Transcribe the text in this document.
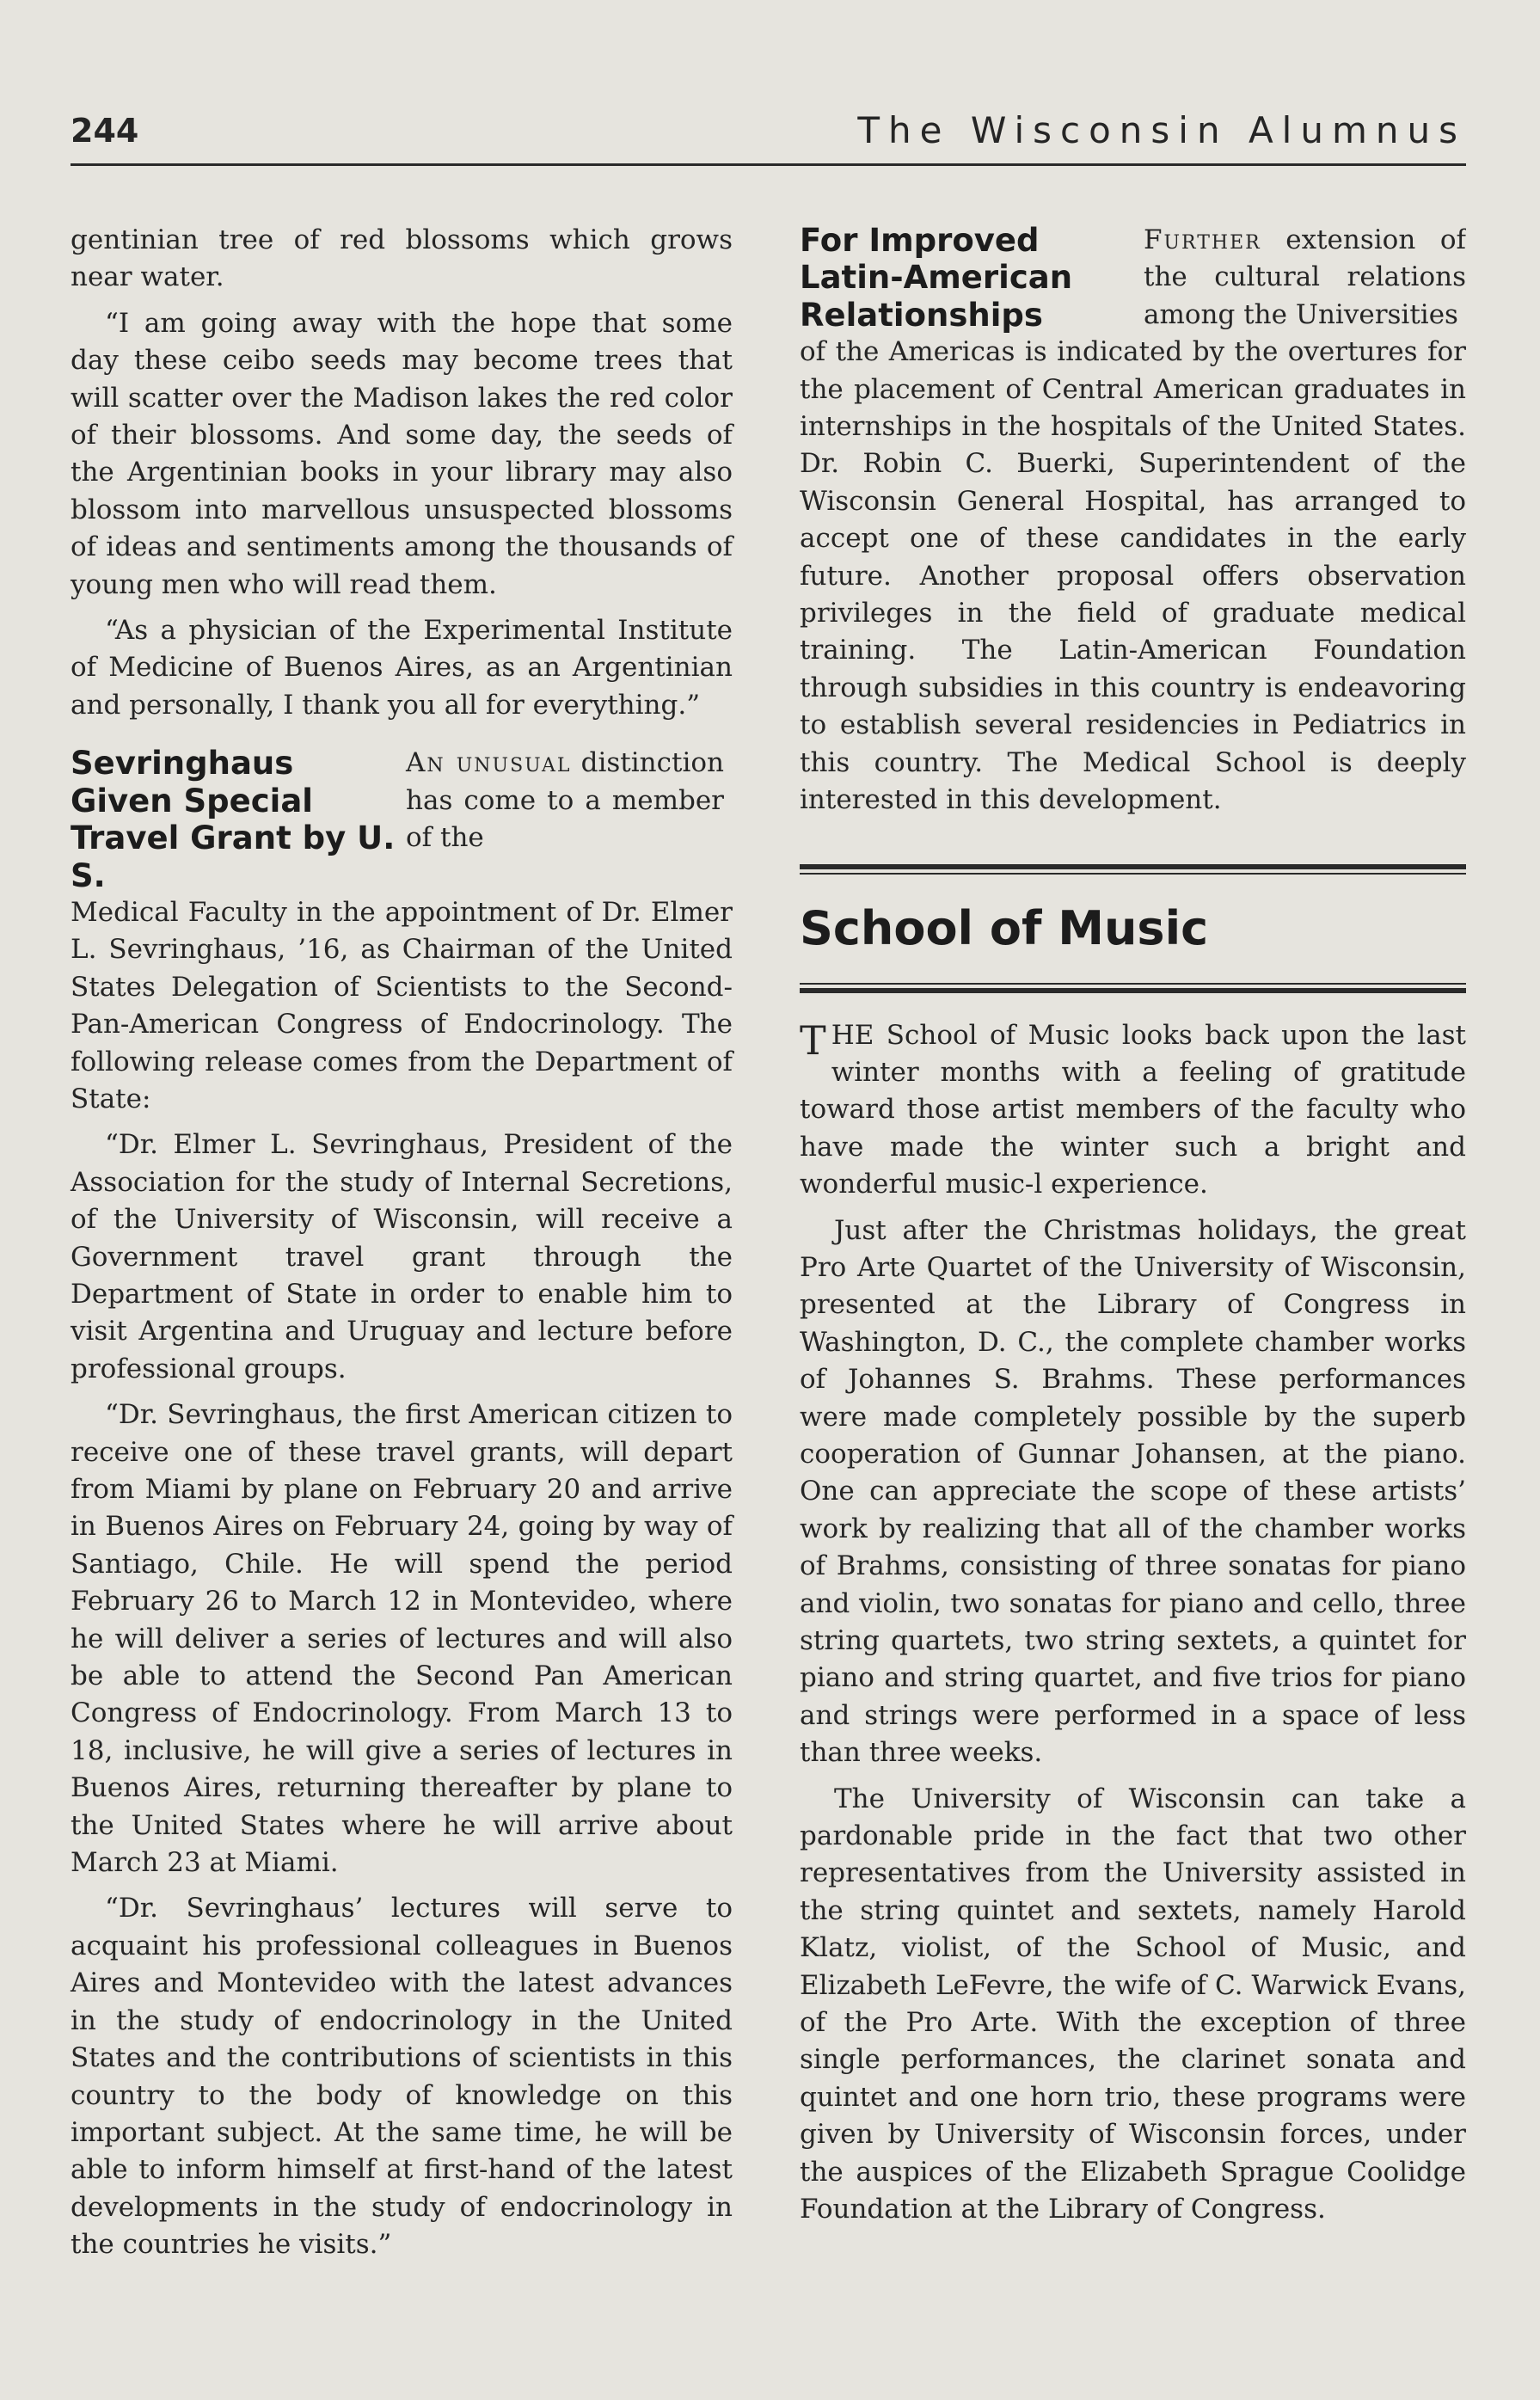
244	The Wisconsin Alumnus

gentinian tree of red blossoms which grows near water.

“I am going away with the hope that some day these ceibo seeds may become trees that will scatter over the Madison lakes the red color of their blossoms. And some day, the seeds of the Argentinian books in your library may also blossom into marvellous unsuspected blossoms of ideas and sentiments among the thousands of young men who will read them.

“As a physician of the Experimental Institute of Medicine of Buenos Aires, as an Argentinian and personally, I thank you all for everything.”

Sevringhaus Given Special Travel Grant by U. S.

An unusual distinction has come to a member of the

Medical Faculty in the appointment of Dr. Elmer L. Sevringhaus, ’16, as Chairman of the United States Delegation of Scientists to the Second-Pan-American Congress of Endocrinology. The following release comes from the Department of State:

“Dr. Elmer L. Sevringhaus, President of the Association for the study of Internal Secretions, of the University of Wisconsin, will receive a Government travel grant through the Department of State in order to enable him to visit Argentina and Uruguay and lecture before professional groups.

“Dr. Sevringhaus, the first American citizen to receive one of these travel grants, will depart from Miami by plane on February 20 and arrive in Buenos Aires on February 24, going by way of Santiago, Chile. He will spend the period February 26 to March 12 in Montevideo, where he will deliver a series of lectures and will also be able to attend the Second Pan American Congress of Endocrinology. From March 13 to 18, inclusive, he will give a series of lectures in Buenos Aires, returning thereafter by plane to the United States where he will arrive about March 23 at Miami.

“Dr. Sevringhaus’ lectures will serve to acquaint his professional colleagues in Buenos Aires and Montevideo with the latest advances in the study of endocrinology in the United States and the contributions of scientists in this country to the body of knowledge on this important subject. At the same time, he will be able to inform himself at first-hand of the latest developments in the study of endocrinology in the countries he visits.”

For Improved Latin-American Relationships

Further extension of the cultural relations among the Universities

of the Americas is indicated by the overtures for the placement of Central American graduates in internships in the hospitals of the United States. Dr. Robin C. Buerki, Superintendent of the Wisconsin General Hospital, has arranged to accept one of these candidates in the early future. Another proposal offers observation privileges in the field of graduate medical training. The Latin-American Foundation through subsidies in this country is endeavoring to establish several residencies in Pediatrics in this country. The Medical School is deeply interested in this development.

School of Music

T HE School of Music looks back upon the last winter months with a feeling of gratitude toward those artist members of the faculty who have made the winter such a bright and wonderful music-l experience.

Just after the Christmas holidays, the great Pro Arte Quartet of the University of Wisconsin, presented at the Library of Congress in Washington, D. C., the complete chamber works of Johannes S. Brahms. These performances were made completely possible by the superb cooperation of Gunnar Johansen, at the piano. One can appreciate the scope of these artists’ work by realizing that all of the chamber works of Brahms, consisting of three sonatas for piano and violin, two sonatas for piano and cello, three string quartets, two string sextets, a quintet for piano and string quartet, and five trios for piano and strings were performed in a space of less than three weeks.

The University of Wisconsin can take a pardonable pride in the fact that two other representatives from the University assisted in the string quintet and sextets, namely Harold Klatz, violist, of the School of Music, and Elizabeth LeFevre, the wife of C. Warwick Evans, of the Pro Arte. With the exception of three single performances, the clarinet sonata and quintet and one horn trio, these programs were given by University of Wisconsin forces, under the auspices of the Elizabeth Sprague Coolidge Foundation at the Library of Congress.
